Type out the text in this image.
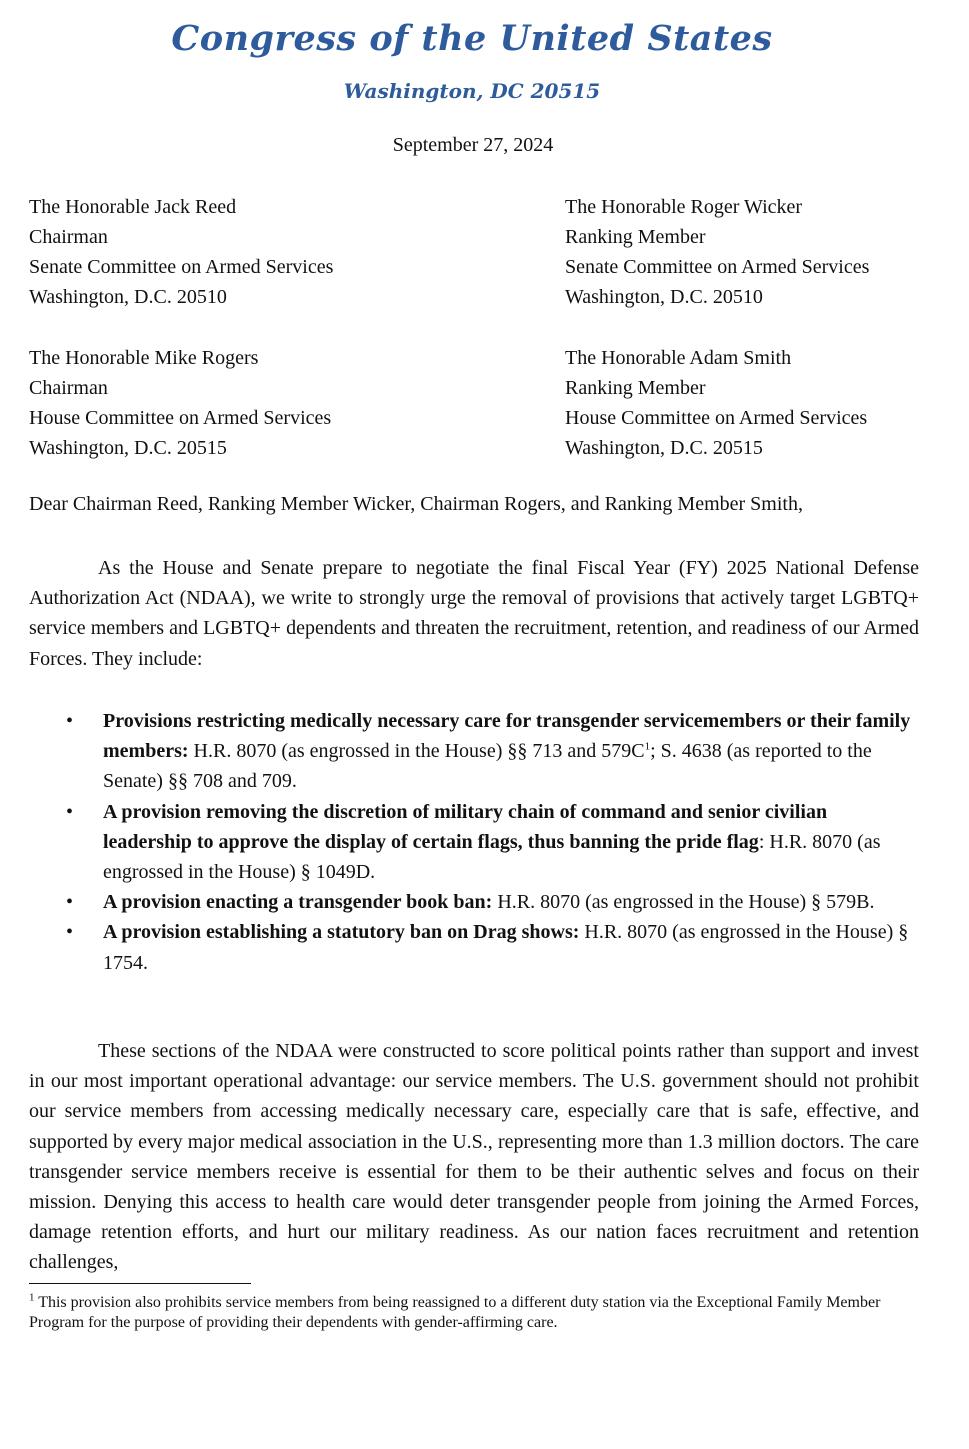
Congress of the United States
Washington, DC 20515
September 27, 2024
The Honorable Jack Reed
Chairman
Senate Committee on Armed Services
Washington, D.C. 20510
The Honorable Roger Wicker
Ranking Member
Senate Committee on Armed Services
Washington, D.C. 20510
The Honorable Mike Rogers
Chairman
House Committee on Armed Services
Washington, D.C. 20515
The Honorable Adam Smith
Ranking Member
House Committee on Armed Services
Washington, D.C. 20515
Dear Chairman Reed, Ranking Member Wicker, Chairman Rogers, and Ranking Member Smith,

As the House and Senate prepare to negotiate the final Fiscal Year (FY) 2025 National Defense Authorization Act (NDAA), we write to strongly urge the removal of provisions that actively target LGBTQ+ service members and LGBTQ+ dependents and threaten the recruitment, retention, and readiness of our Armed Forces. They include:

• Provisions restricting medically necessary care for transgender servicemembers or their family members: H.R. 8070 (as engrossed in the House) §§ 713 and $579C^1$; S. 4638 (as reported to the Senate) §§ 708 and 709.
• A provision removing the discretion of military chain of command and senior civilian leadership to approve the display of certain flags, thus banning the pride flag: H.R. 8070 (as engrossed in the House) § 1049D.
• A provision enacting a transgender book ban: H.R. 8070 (as engrossed in the House) § 579B.
• A provision establishing a statutory ban on Drag shows: H.R. 8070 (as engrossed in the House) § 1754.

These sections of the NDAA were constructed to score political points rather than support and invest in our most important operational advantage: our service members. The U.S. government should not prohibit our service members from accessing medically necessary care, especially care that is safe, effective, and supported by every major medical association in the U.S., representing more than 1.3 million doctors. The care transgender service members receive is essential for them to be their authentic selves and focus on their mission. Denying this access to health care would deter transgender people from joining the Armed Forces, damage retention efforts, and hurt our military readiness. As our nation faces recruitment and retention challenges,

$^1$ This provision also prohibits service members from being reassigned to a different duty station via the Exceptional Family Member Program for the purpose of providing their dependents with gender-affirming care.
